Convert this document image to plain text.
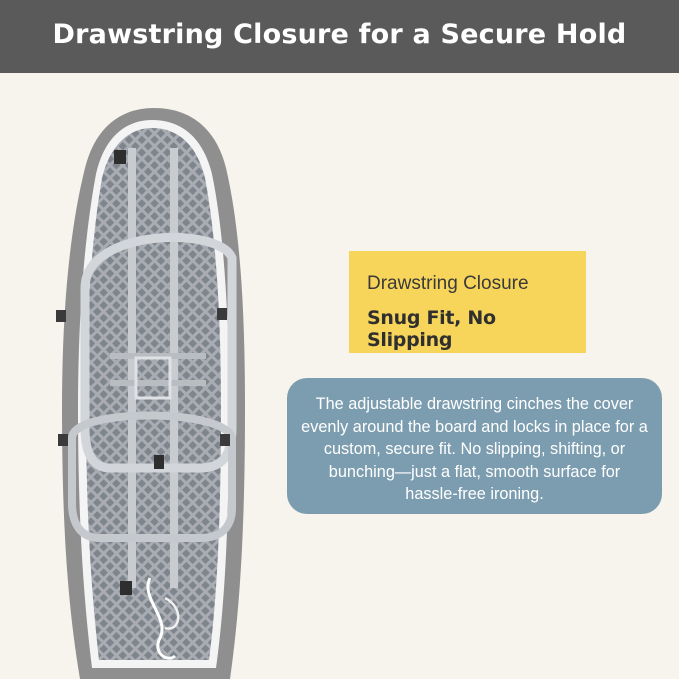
Drawstring Closure for a Secure Hold
Drawstring Closure
Snug Fit, No Slipping
The adjustable drawstring cinches the cover evenly around the board and locks in place for a custom, secure fit. No slipping, shifting, or bunching—just a flat, smooth surface for hassle-free ironing.
